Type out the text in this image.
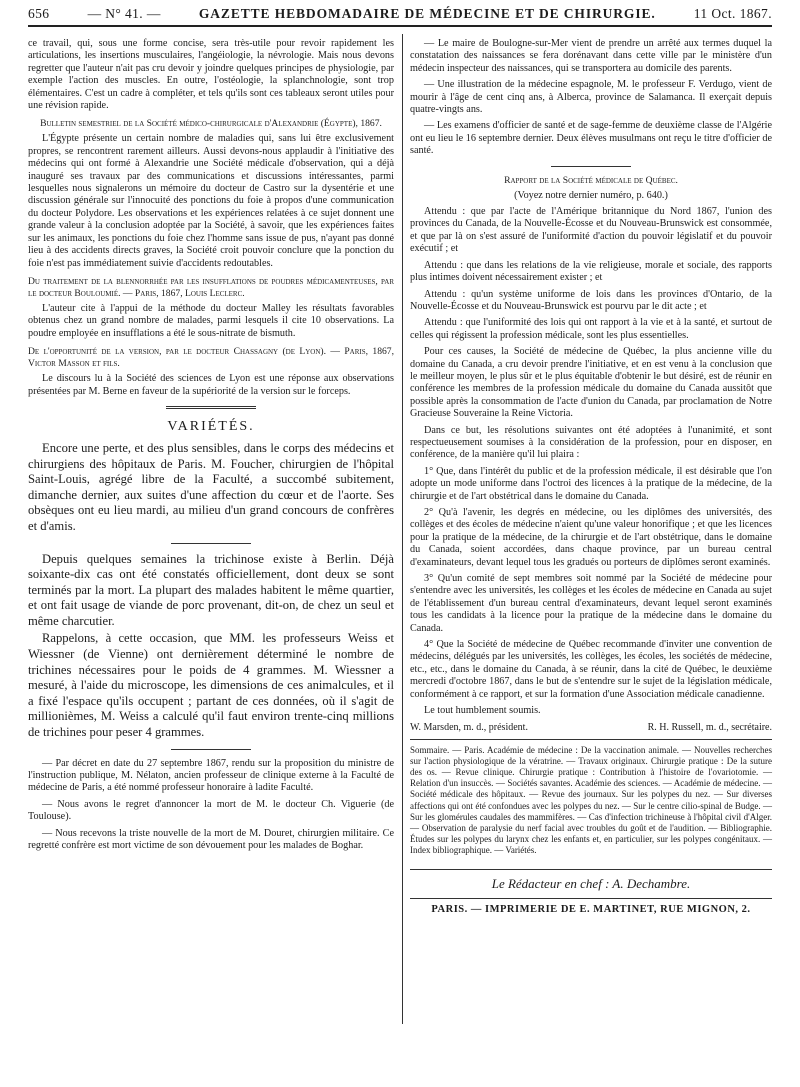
656	— N° 41. —	GAZETTE HEBDOMADAIRE DE MÉDECINE ET DE CHIRURGIE.	11 Oct. 1867.

ce travail, qui, sous une forme concise, sera très-utile pour revoir rapidement les articulations, les insertions musculaires, l'angéiologie, la névrologie. Mais nous devons regretter que l'auteur n'ait pas cru devoir y joindre quelques principes de physiologie, par exemple l'action des muscles. En outre, l'ostéologie, la splanchnologie, sont trop élémentaires. C'est un cadre à compléter, et tels qu'ils sont ces tableaux seront utiles pour une révision rapide.

Bulletin semestriel de la Société médico-chirurgicale d'Alexandrie (Égypte), 1867.

L'Égypte présente un certain nombre de maladies qui, sans lui être exclusivement propres, se rencontrent rarement ailleurs. Aussi devons-nous applaudir à l'initiative des médecins qui ont formé à Alexandrie une Société médicale d'observation, qui a déjà inauguré ses travaux par des communications et discussions intéressantes, parmi lesquelles nous signalerons un mémoire du docteur de Castro sur la dysentérie et une discussion générale sur l'innocuité des ponctions du foie à propos d'une communication du docteur Polydore. Les observations et les expériences relatées à ce sujet donnent une grande valeur à la conclusion adoptée par la Société, à savoir, que les expériences faites sur les animaux, les ponctions du foie chez l'homme sans issue de pus, n'ayant pas donné lieu à des accidents directs graves, la Société croit pouvoir conclure que la ponction du foie n'est pas immédiatement suivie d'accidents redoutables.

Du traitement de la blennorrhée par les insufflations de poudres médicamenteuses, par le docteur Bouloumié. — Paris, 1867, Louis Leclerc.

L'auteur cite à l'appui de la méthode du docteur Malley les résultats favorables obtenus chez un grand nombre de malades, parmi lesquels il cite 10 observations. La poudre employée en insufflations a été le sous-nitrate de bismuth.

De l'opportunité de la version, par le docteur Chassagny (de Lyon). — Paris, 1867, Victor Masson et fils.

Le discours lu à la Société des sciences de Lyon est une réponse aux observations présentées par M. Berne en faveur de la supériorité de la version sur le forceps.

VARIÉTÉS.

Encore une perte, et des plus sensibles, dans le corps des médecins et chirurgiens des hôpitaux de Paris. M. Foucher, chirurgien de l'hôpital Saint-Louis, agrégé libre de la Faculté, a succombé subitement, dimanche dernier, aux suites d'une affection du cœur et de l'aorte. Ses obsèques ont eu lieu mardi, au milieu d'un grand concours de confrères et d'amis.

Depuis quelques semaines la trichinose existe à Berlin. Déjà soixante-dix cas ont été constatés officiellement, dont deux se sont terminés par la mort. La plupart des malades habitent le même quartier, et ont fait usage de viande de porc provenant, dit-on, de chez un seul et même charcutier.

Rappelons, à cette occasion, que MM. les professeurs Weiss et Wiessner (de Vienne) ont dernièrement déterminé le nombre de trichines nécessaires pour le poids de 4 grammes. M. Wiessner a mesuré, à l'aide du microscope, les dimensions de ces animalcules, et il a fixé l'espace qu'ils occupent ; partant de ces données, où il s'agit de millionièmes, M. Weiss a calculé qu'il faut environ trente-cinq millions de trichines pour peser 4 grammes.

— Par décret en date du 27 septembre 1867, rendu sur la proposition du ministre de l'instruction publique, M. Nélaton, ancien professeur de clinique externe à la Faculté de médecine de Paris, a été nommé professeur honoraire à ladite Faculté.

— Nous avons le regret d'annoncer la mort de M. le docteur Ch. Viguerie (de Toulouse).

— Nous recevons la triste nouvelle de la mort de M. Douret, chirurgien militaire. Ce regretté confrère est mort victime de son dévouement pour les malades de Boghar.

— Le maire de Boulogne-sur-Mer vient de prendre un arrêté aux termes duquel la constatation des naissances se fera dorénavant dans cette ville par le ministère d'un médecin inspecteur des naissances, qui se transportera au domicile des parents.

— Une illustration de la médecine espagnole, M. le professeur F. Verdugo, vient de mourir à l'âge de cent cinq ans, à Alberca, province de Salamanca. Il exerçait depuis quatre-vingts ans.

— Les examens d'officier de santé et de sage-femme de deuxième classe de l'Algérie ont eu lieu le 16 septembre dernier. Deux élèves musulmans ont reçu le titre d'officier de santé.

Rapport de la Société médicale de Québec.

(Voyez notre dernier numéro, p. 640.)

Attendu : que par l'acte de l'Amérique britannique du Nord 1867, l'union des provinces du Canada, de la Nouvelle-Écosse et du Nouveau-Brunswick est consommée, et que par là on s'est assuré de l'uniformité d'action du pouvoir législatif et du pouvoir exécutif ; et

Attendu : que dans les relations de la vie religieuse, morale et sociale, des rapports plus intimes doivent nécessairement exister ; et

Attendu : qu'un système uniforme de lois dans les provinces d'Ontario, de la Nouvelle-Écosse et du Nouveau-Brunswick est pourvu par le dit acte ; et

Attendu : que l'uniformité des lois qui ont rapport à la vie et à la santé, et surtout de celles qui régissent la profession médicale, sont les plus essentielles.

Pour ces causes, la Société de médecine de Québec, la plus ancienne ville du domaine du Canada, a cru devoir prendre l'initiative, et en est venu à la conclusion que le meilleur moyen, le plus sûr et le plus équitable d'obtenir le but désiré, est de réunir en conférence les membres de la profession médicale du domaine du Canada aussitôt que possible après la consommation de l'acte d'union du Canada, par proclamation de Notre Gracieuse Souveraine la Reine Victoria.

Dans ce but, les résolutions suivantes ont été adoptées à l'unanimité, et sont respectueusement soumises à la considération de la profession, pour en disposer, en conférence, de la manière qu'il lui plaira :

1° Que, dans l'intérêt du public et de la profession médicale, il est désirable que l'on adopte un mode uniforme dans l'octroi des licences à la pratique de la médecine, de la chirurgie et de l'art obstétrical dans le domaine du Canada.

2° Qu'à l'avenir, les degrés en médecine, ou les diplômes des universités, des collèges et des écoles de médecine n'aient qu'une valeur honorifique ; et que les licences pour la pratique de la médecine, de la chirurgie et de l'art obstétrique, dans le domaine du Canada, soient accordées, dans chaque province, par un bureau central d'examinateurs, devant lequel tous les gradués ou porteurs de diplômes seront examinés.

3° Qu'un comité de sept membres soit nommé par la Société de médecine pour s'entendre avec les universités, les collèges et les écoles de médecine en Canada au sujet de l'établissement d'un bureau central d'examinateurs, devant lequel seront examinés tous les candidats à la licence pour la pratique de la médecine dans le domaine du Canada.

4° Que la Société de médecine de Québec recommande d'inviter une convention de médecins, délégués par les universités, les collèges, les écoles, les sociétés de médecine, etc., etc., dans le domaine du Canada, à se réunir, dans la cité de Québec, le deuxième mercredi d'octobre 1867, dans le but de s'entendre sur le sujet de la législation médicale, conformément à ce rapport, et sur la formation d'une Association médicale canadienne.

Le tout humblement soumis.

W. Marsden, m. d., président.	R. H. Russell, m. d., secrétaire.
Sommaire. — Paris. Académie de médecine : De la vaccination animale. — Nouvelles recherches sur l'action physiologique de la vératrine. — Travaux originaux. Chirurgie pratique : De la suture des os. — Revue clinique. Chirurgie pratique : Contribution à l'histoire de l'ovariotomie. — Relation d'un insuccès. — Sociétés savantes. Académie des sciences. — Académie de médecine. — Société médicale des hôpitaux. — Revue des journaux. Sur les polypes du nez. — Sur diverses affections qui ont été confondues avec les polypes du nez. — Sur le centre cilio-spinal de Budge. — Sur les glomérules caudales des mammifères. — Cas d'infection trichineuse à l'hôpital civil d'Alger. — Observation de paralysie du nerf facial avec troubles du goût et de l'audition. — Bibliographie. Études sur les polypes du larynx chez les enfants et, en particulier, sur les polypes congénitaux. — Index bibliographique. — Variétés.
Le Rédacteur en chef : A. Dechambre.
PARIS. — IMPRIMERIE DE E. MARTINET, RUE MIGNON, 2.
